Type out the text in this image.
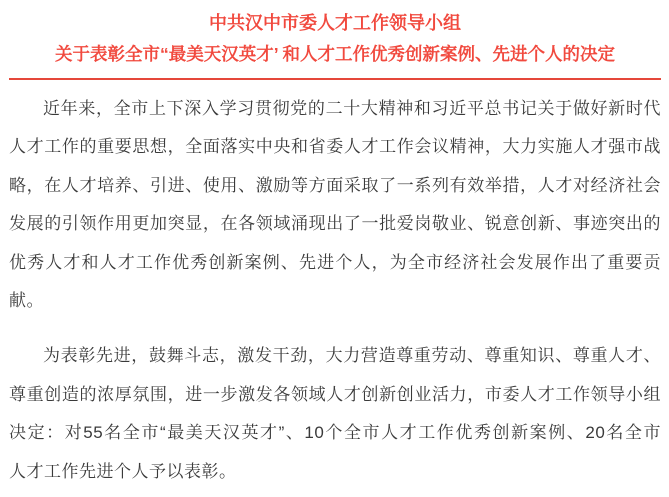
中共汉中市委人才工作领导小组
关于表彰全市“最美天汉英才’ 和人才工作优秀创新案例、先进个人的决定
近年来，全市上下深入学习贯彻党的二十大精神和习近平总书记关于做好新时代
人才工作的重要思想，全面落实中央和省委人才工作会议精神，大力实施人才强市战
略，在人才培养、引进、使用、激励等方面采取了一系列有效举措，人才对经济社会
发展的引领作用更加突显，在各领域涌现出了一批爱岗敬业、锐意创新、事迹突出的
优秀人才和人才工作优秀创新案例、先进个人，为全市经济社会发展作出了重要贡
献。
为表彰先进，鼓舞斗志，激发干劲，大力营造尊重劳动、尊重知识、尊重人才、
尊重创造的浓厚氛围，进一步激发各领域人才创新创业活力，市委人才工作领导小组
决定：对55名全市“最美天汉英才”、10个全市人才工作优秀创新案例、20名全市
人才工作先进个人予以表彰。
